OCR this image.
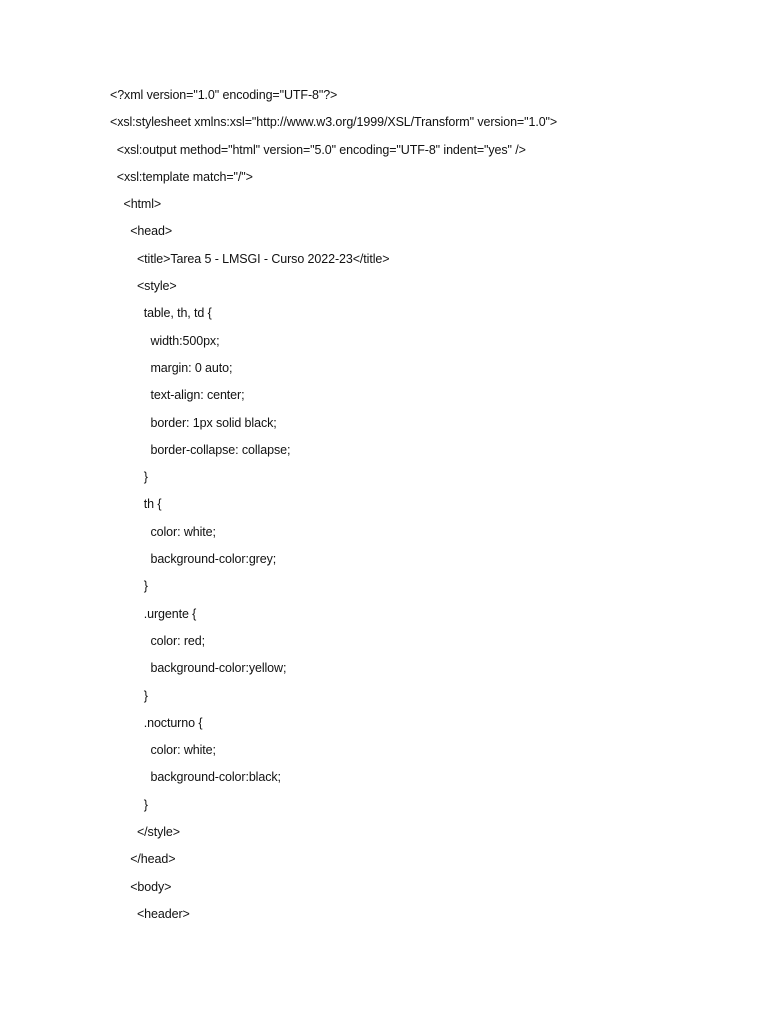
<?xml version="1.0" encoding="UTF-8"?>
<xsl:stylesheet xmlns:xsl="http://www.w3.org/1999/XSL/Transform" version="1.0">
<xsl:output method="html" version="5.0" encoding="UTF-8" indent="yes" />
<xsl:template match="/">
<html>
<head>
<title>Tarea 5 - LMSGI - Curso 2022-23</title>
<style>
table, th, td {
width:500px;
margin: 0 auto;
text-align: center;
border: 1px solid black;
border-collapse: collapse;
}
th {
color: white;
background-color:grey;
}
.urgente {
color: red;
background-color:yellow;
}
.nocturno {
color: white;
background-color:black;
}
</style>
</head>
<body>
<header>
